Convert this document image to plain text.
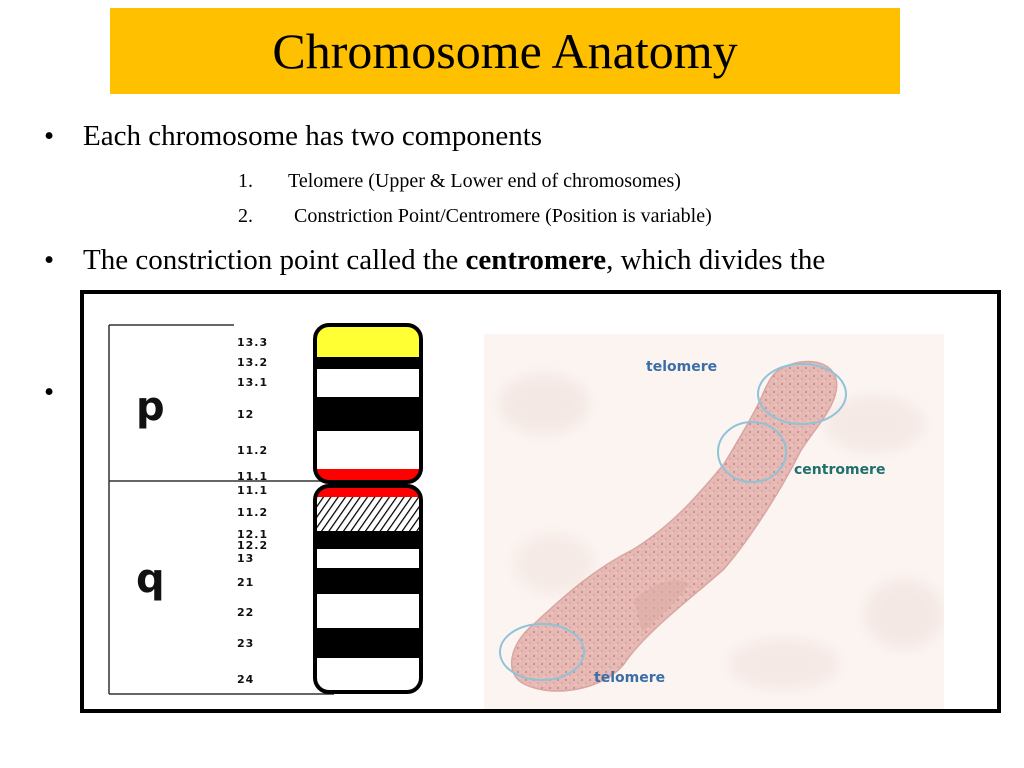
Chromosome Anatomy
• Each chromosome has two components
1. Telomere (Upper & Lower end of chromosomes)
2. Constriction Point/Centromere (Position is variable)
• The constriction point called the centromere, which divides the
• p
q
13.3
13.2
13.1
12
11.2
11.1
11.1
11.2
12.1
12.2
13
21
22
23
24
telomere
centromere
telomere
